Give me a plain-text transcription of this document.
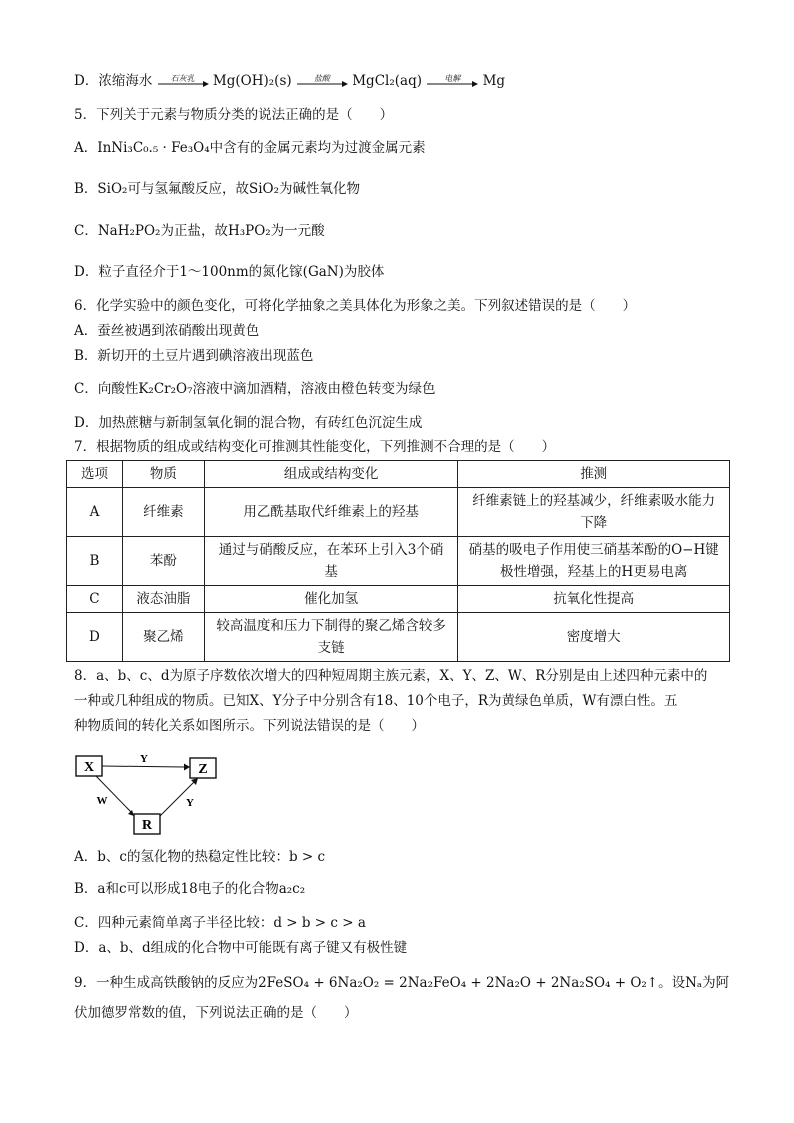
D．浓缩海水	石灰乳	Mg(OH)₂(s)	盐酸	MgCl₂(aq)	电解	Mg
5．下列关于元素与物质分类的说法正确的是（　　）
A．InNi₃C₀.₅ · Fe₃O₄中含有的金属元素均为过渡金属元素
B．SiO₂可与氢氟酸反应，故SiO₂为碱性氧化物
C．NaH₂PO₂为正盐，故H₃PO₂为一元酸
D．粒子直径介于1～100nm的氮化镓(GaN)为胶体
6．化学实验中的颜色变化，可将化学抽象之美具体化为形象之美。下列叙述错误的是（　　）
A．蚕丝被遇到浓硝酸出现黄色
B．新切开的土豆片遇到碘溶液出现蓝色
C．向酸性K₂Cr₂O₇溶液中滴加酒精，溶液由橙色转变为绿色
D．加热蔗糖与新制氢氧化铜的混合物，有砖红色沉淀生成
7．根据物质的组成或结构变化可推测其性能变化，下列推测不合理的是（　　）
选项	物质	组成或结构变化	推测
A	纤维素	用乙酰基取代纤维素上的羟基	纤维素链上的羟基减少，纤维素吸水能力下降
B	苯酚	通过与硝酸反应，在苯环上引入3个硝基	硝基的吸电子作用使三硝基苯酚的O−H键极性增强，羟基上的H更易电离
C	液态油脂	催化加氢	抗氧化性提高
D	聚乙烯	较高温度和压力下制得的聚乙烯含较多支链	密度增大
8．a、b、c、d为原子序数依次增大的四种短周期主族元素，X、Y、Z、W、R分别是由上述四种元素中的
一种或几种组成的物质。已知X、Y分子中分别含有18、10个电子，R为黄绿色单质，W有漂白性。五
种物质间的转化关系如图所示。下列说法错误的是（　　）
X	Z
R
Y
W	Y
A．b、c的氢化物的热稳定性比较：b > c
B．a和c可以形成18电子的化合物a₂c₂
C．四种元素简单离子半径比较：d > b > c > a
D．a、b、d组成的化合物中可能既有离子键又有极性键
9．一种生成高铁酸钠的反应为2FeSO₄ + 6Na₂O₂ = 2Na₂FeO₄ + 2Na₂O + 2Na₂SO₄ + O₂↑。设Nₐ为阿
伏加德罗常数的值，下列说法正确的是（　　）
